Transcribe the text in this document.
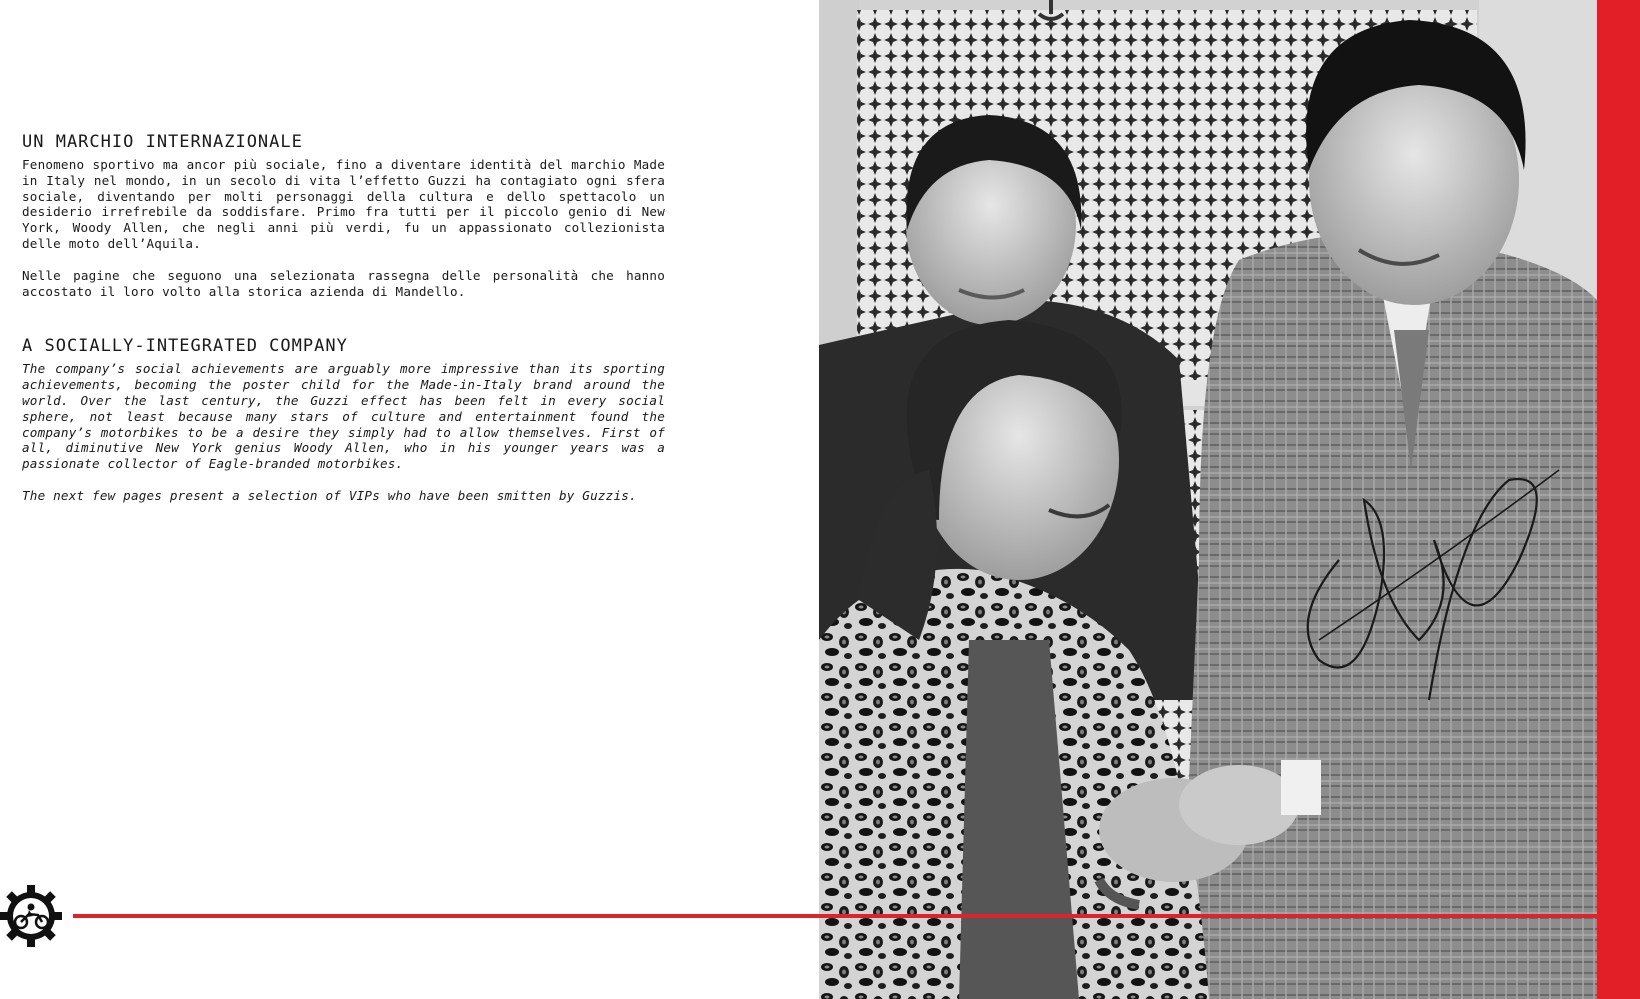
UN MARCHIO INTERNAZIONALE

Fenomeno sportivo ma ancor più sociale, fino a diventare identità del marchio Made in Italy nel mondo, in un secolo di vita l’effetto Guzzi ha contagiato ogni sfera sociale, diventando per molti personaggi della cultura e dello spettacolo un desiderio irrefrebile da soddisfare. Primo fra tutti per il piccolo genio di New York, Woody Allen, che negli anni più verdi, fu un appassionato collezionista delle moto dell’Aquila.

Nelle pagine che seguono una selezionata rassegna delle personalità che hanno accostato il loro volto alla storica azienda di Mandello.

A SOCIALLY-INTEGRATED COMPANY

The company’s social achievements are arguably more impressive than its sporting achievements, becoming the poster child for the Made-in-Italy brand around the world. Over the last century, the Guzzi effect has been felt in every social sphere, not least because many stars of culture and entertainment found the company’s motorbikes to be a desire they simply had to allow themselves. First of all, diminutive New York genius Woody Allen, who in his younger years was a passionate collector of Eagle-branded motorbikes.

The next few pages present a selection of VIPs who have been smitten by Guzzis.
